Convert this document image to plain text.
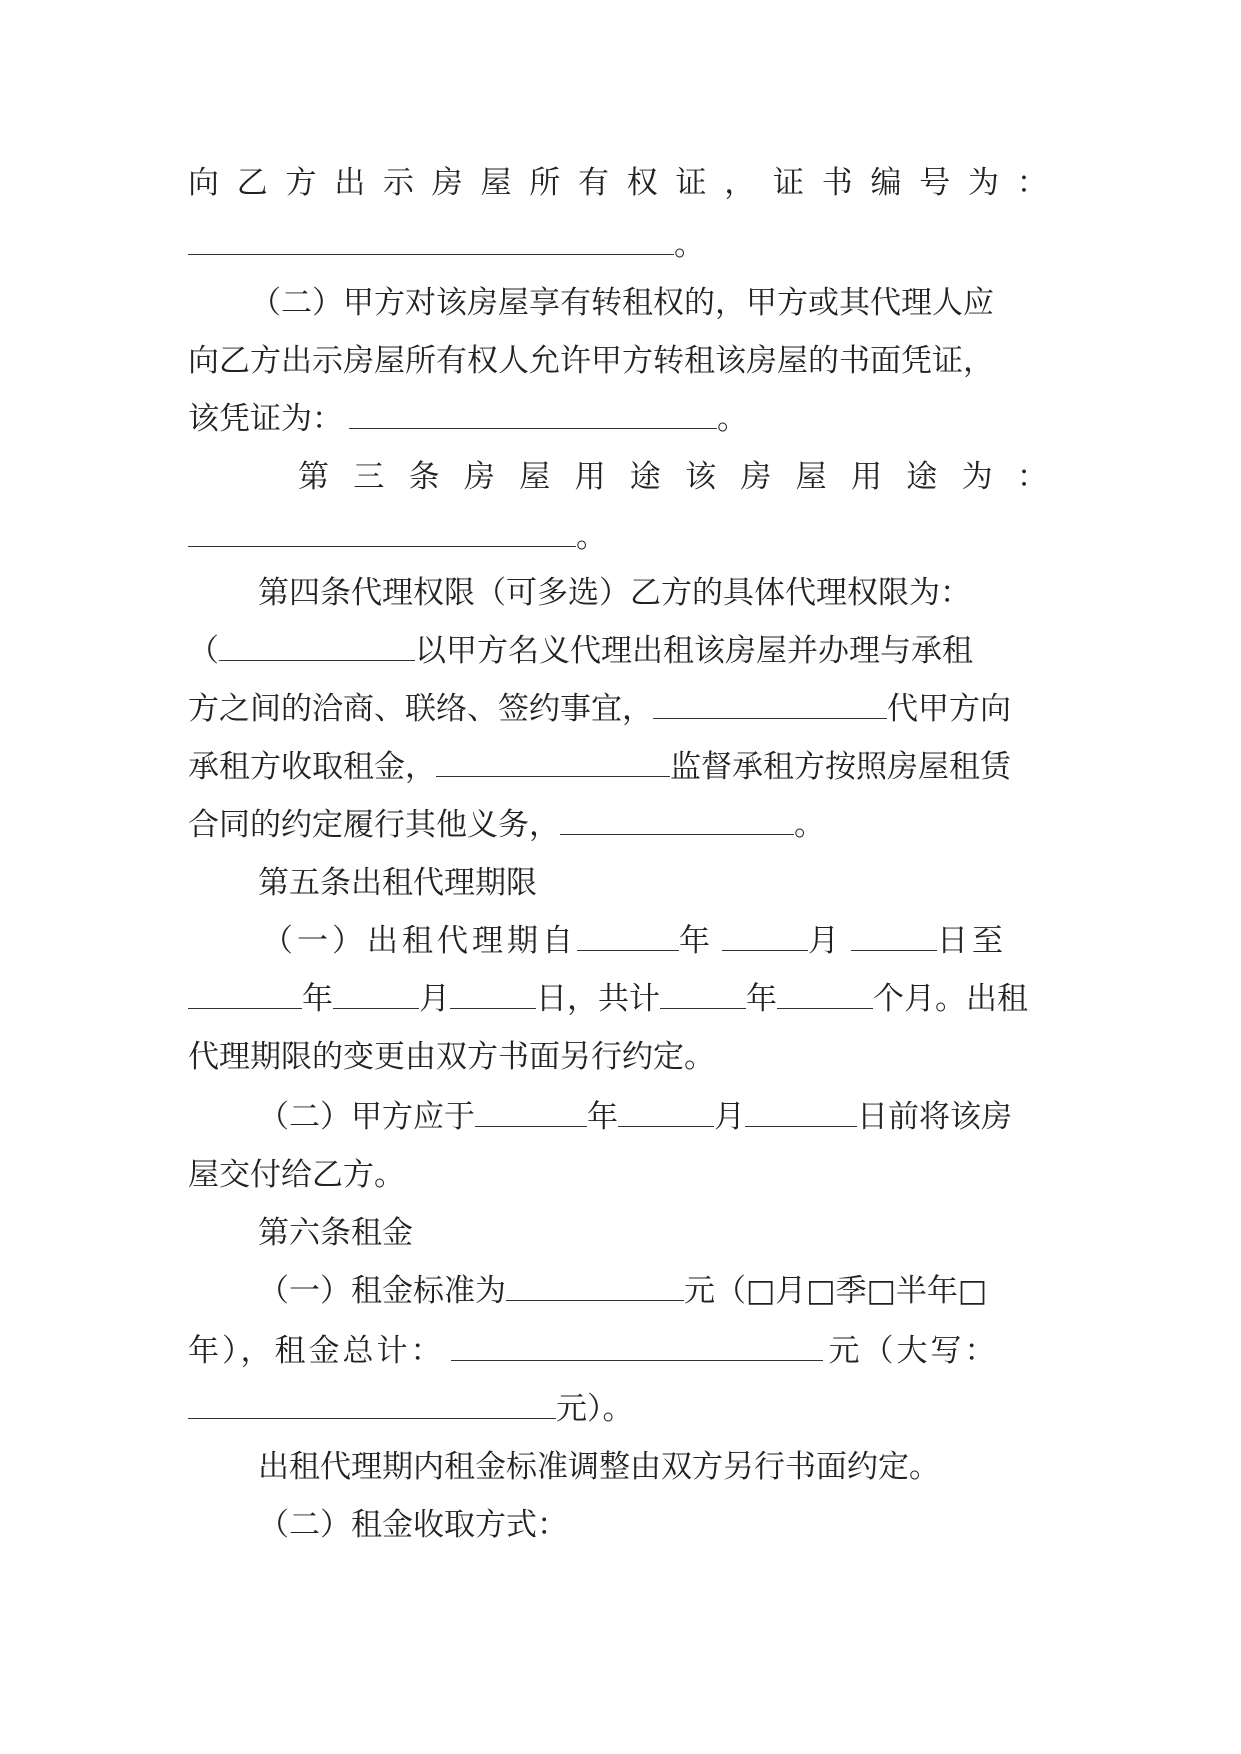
向 乙 方 出 示 房 屋 所 有 权 证 ， 证 书 编 号 为 ：
。
（二）甲方对该房屋享有转租权的，甲方或其代理人应
向乙方出示房屋所有权人允许甲方转租该房屋的书面凭证，
该凭证为：	。
第 三 条 房 屋 用 途 该 房 屋 用 途 为 ：
。
第四条代理权限（可多选）乙方的具体代理权限为：
（	以甲方名义代理出租该房屋并办理与承租
方之间的洽商、联络、签约事宜，	代甲方向
承租方收取租金，	监督承租方按照房屋租赁
合同的约定履行其他义务，	。
第五条出租代理期限
（一）出租代理期自	年	月	日至
年	月	日，共计	年	个月。出租
代理期限的变更由双方书面另行约定。
（二）甲方应于	年	月	日前将该房
屋交付给乙方。
第六条租金
（一）租金标准为	元（□月□季□半年□
年），租金总计：	元（大写：
元）。
出租代理期内租金标准调整由双方另行书面约定。
（二）租金收取方式：
